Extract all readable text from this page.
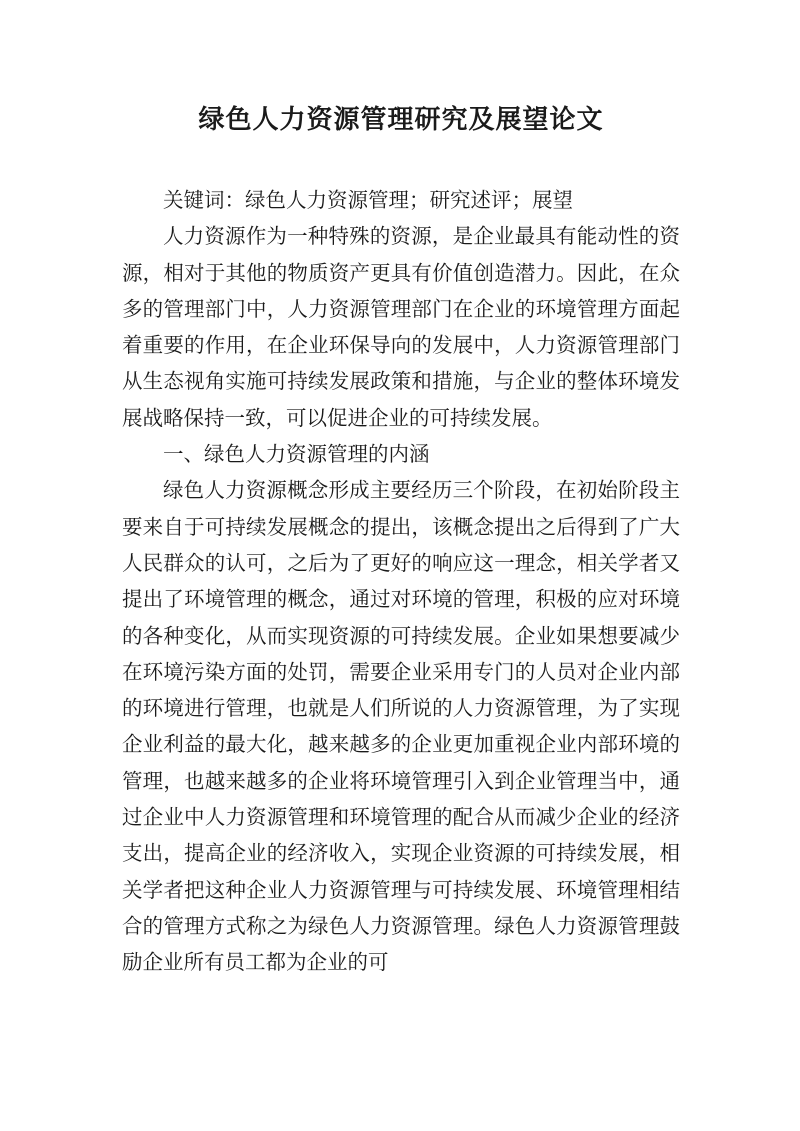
绿色人力资源管理研究及展望论文

关键词：绿色人力资源管理；研究述评；展望

人力资源作为一种特殊的资源，是企业最具有能动性的资源，相对于其他的物质资产更具有价值创造潜力。因此，在众多的管理部门中，人力资源管理部门在企业的环境管理方面起着重要的作用，在企业环保导向的发展中，人力资源管理部门从生态视角实施可持续发展政策和措施，与企业的整体环境发展战略保持一致，可以促进企业的可持续发展。

一、绿色人力资源管理的内涵

绿色人力资源概念形成主要经历三个阶段，在初始阶段主要来自于可持续发展概念的提出，该概念提出之后得到了广大人民群众的认可，之后为了更好的响应这一理念，相关学者又提出了环境管理的概念，通过对环境的管理，积极的应对环境的各种变化，从而实现资源的可持续发展。企业如果想要减少在环境污染方面的处罚，需要企业采用专门的人员对企业内部的环境进行管理，也就是人们所说的人力资源管理，为了实现企业利益的最大化，越来越多的企业更加重视企业内部环境的管理，也越来越多的企业将环境管理引入到企业管理当中，通过企业中人力资源管理和环境管理的配合从而减少企业的经济支出，提高企业的经济收入，实现企业资源的可持续发展，相关学者把这种企业人力资源管理与可持续发展、环境管理相结合的管理方式称之为绿色人力资源管理。绿色人力资源管理鼓励企业所有员工都为企业的可
